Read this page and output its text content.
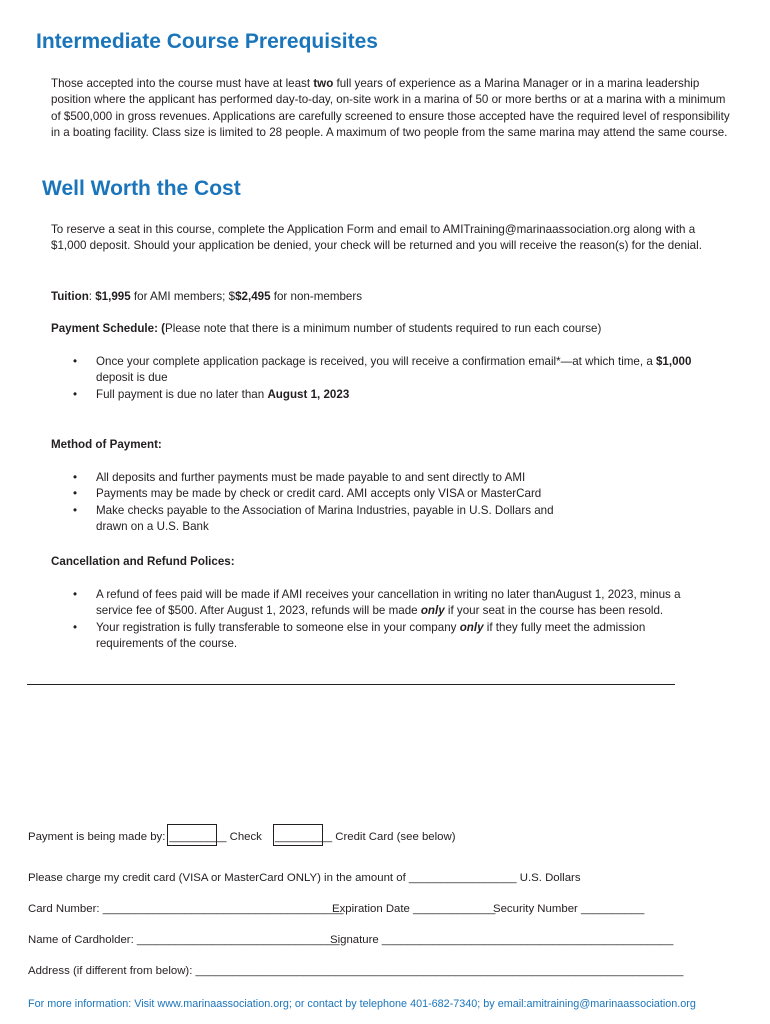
Intermediate Course Prerequisites
Those accepted into the course must have at least two full years of experience as a Marina Manager or in a marina leadership position where the applicant has performed day-to-day, on-site work in a marina of 50 or more berths or at a marina with a minimum of $500,000 in gross revenues. Applications are carefully screened to ensure those accepted have the required level of responsibility in a boating facility. Class size is limited to 28 people. A maximum of two people from the same marina may attend the same course.
Well Worth the Cost
To reserve a seat in this course, complete the Application Form and email to AMITraining@marinaassociation.org along with a $1,000 deposit. Should your application be denied, your check will be returned and you will receive the reason(s) for the denial.
Tuition: $1,995 for AMI members; $$2,495 for non-members
Payment Schedule: (Please note that there is a minimum number of students required to run each course)
• Once your complete application package is received, you will receive a confirmation email*—at which time, a $1,000 deposit is due
• Full payment is due no later than August 1, 2023
Method of Payment:
• All deposits and further payments must be made payable to and sent directly to AMI
• Payments may be made by check or credit card. AMI accepts only VISA or MasterCard
• Make checks payable to the Association of Marina Industries, payable in U.S. Dollars and drawn on a U.S. Bank
Cancellation and Refund Polices:
• A refund of fees paid will be made if AMI receives your cancellation in writing no later thanAugust 1, 2023, minus a service fee of $500. After August 1, 2023, refunds will be made only if your seat in the course has been resold.
• Your registration is fully transferable to someone else in your company only if they fully meet the admission requirements of the course.
Payment is being made by: _________ Check _________ Credit Card (see below)
Please charge my credit card (VISA or MasterCard ONLY) in the amount of _________________ U.S. Dollars
Card Number: ______________________________________
Expiration Date _____________
Security Number __________
Name of Cardholder: ________________________________
Signature ______________________________________________
Address (if different from below): _____________________________________________________________________________
For more information: Visit www.marinaassociation.org; or contact by telephone 401-682-7340; by email:amitraining@marinaassociation.org
